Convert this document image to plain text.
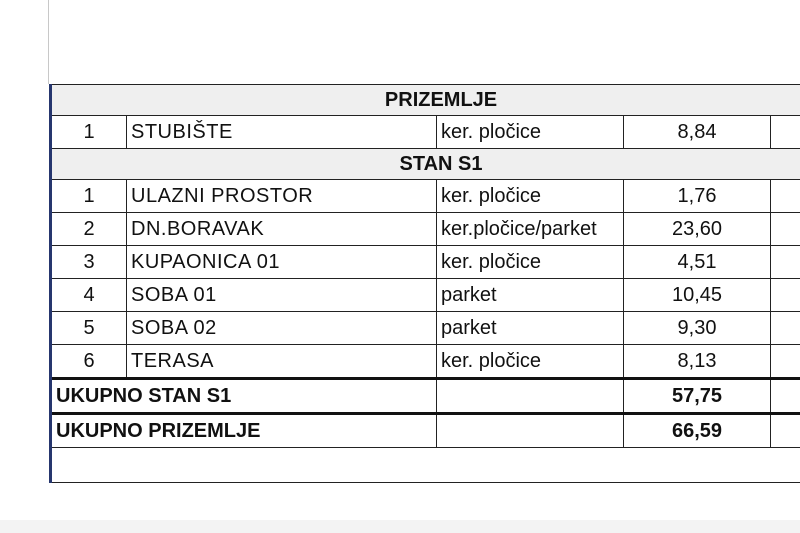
PRIZEMLJE				
1	STUBIŠTE	ker. pločice	8,84	
STAN S1				
1	ULAZNI PROSTOR	ker. pločice	1,76	
2	DN.BORAVAK	ker.pločice/parket	23,60	
3	KUPAONICA 01	ker. pločice	4,51	
4	SOBA 01	parket	10,45	
5	SOBA 02	parket	9,30	
6	TERASA	ker. pločice	8,13	
UKUPNO STAN S1			57,75	
UKUPNO PRIZEMLJE			66,59	
